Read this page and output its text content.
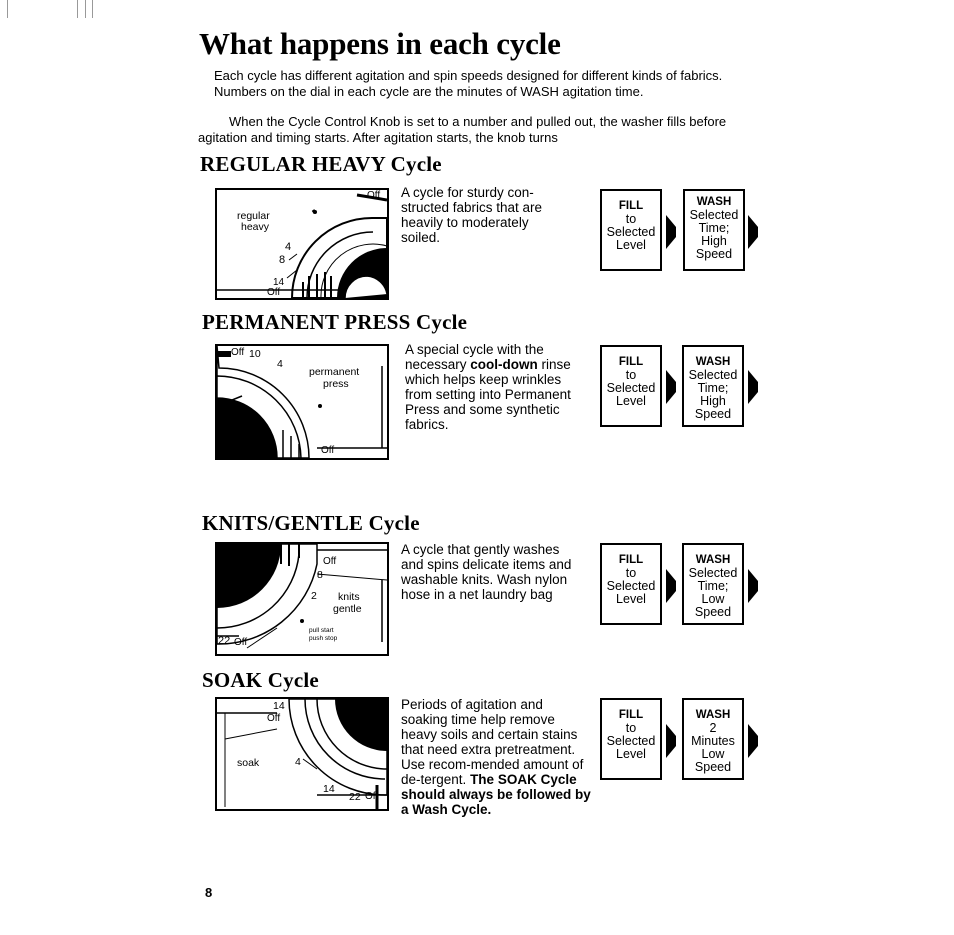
What happens in each cycle

Each cycle has different agitation and spin speeds designed for different kinds of fabrics. Numbers on the dial in each cycle are the minutes of WASH agitation time.

When the Cycle Control Knob is set to a number and pulled out, the washer fills before agitation and timing starts. After agitation starts, the knob turns

REGULAR HEAVY Cycle
regular
heavy
4
8
14
Off
Off A cycle for sturdy con-structed fabrics that are heavily to moderately soiled.

FILL
to
Selected
Level
WASH
Selected
Time;
High
Speed
PERMANENT PRESS Cycle
Off 10
4
permanent
press
Off

A special cycle with the necessary cool-down rinse which helps keep wrinkles from setting into Permanent Press and some synthetic fabrics.

FILL
to
Selected
Level
WASH
Selected
Time;
High
Speed
KNITS/GENTLE Cycle
Off
8
2 knits
gentle
pull start
push stop
22 Off

A cycle that gently washes and spins delicate items and washable knits. Wash nylon hose in a net laundry bag

FILL
to
Selected
Level
WASH
Selected
Time;
Low
Speed
SOAK Cycle
14
Off
soak	4
14
22 Off

Periods of agitation and soaking time help remove heavy soils and certain stains that need extra pretreatment. Use recom-mended amount of de-tergent. The SOAK Cycle should always be followed by a Wash Cycle.

FILL
to
Selected
Level
WASH
2
Minutes
Low
Speed
8
